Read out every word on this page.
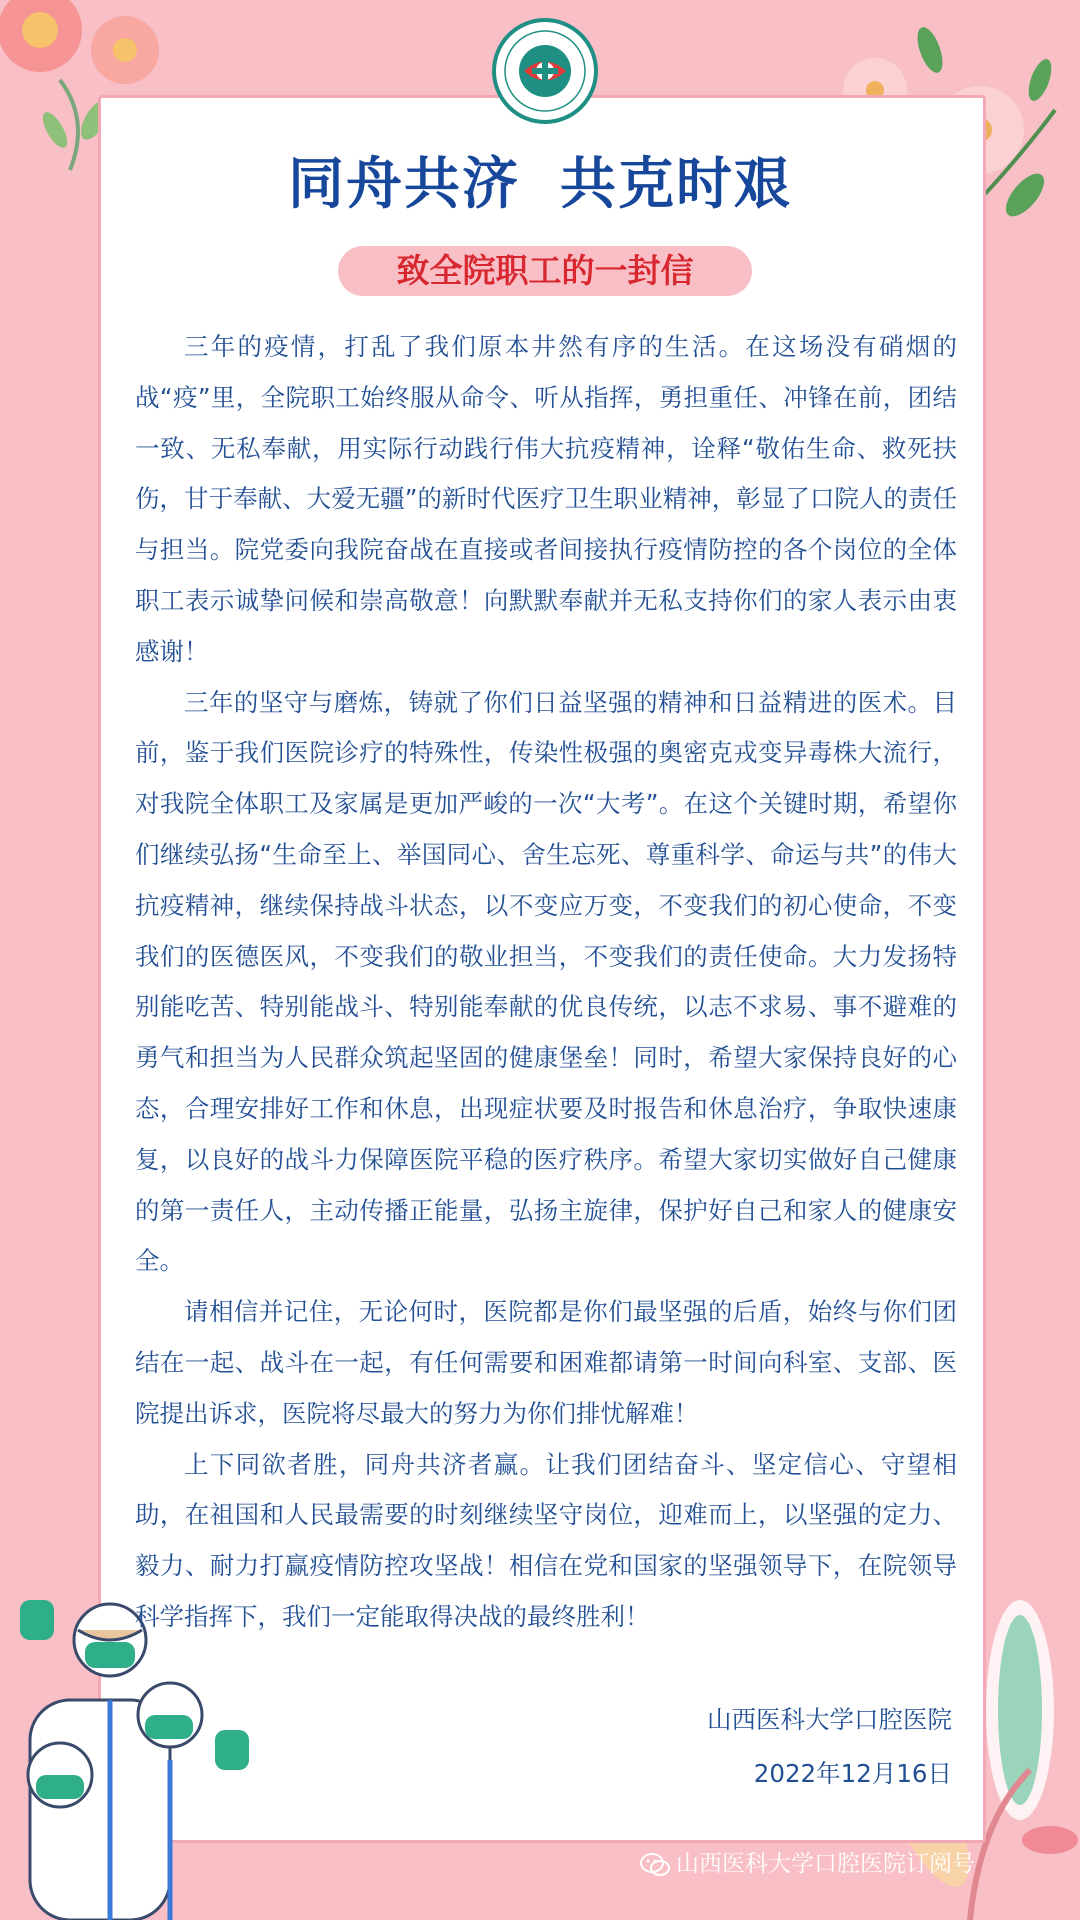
同舟共济 共克时艰
致全院职工的一封信

三年的疫情，打乱了我们原本井然有序的生活。在这场没有硝烟的战“疫”里，全院职工始终服从命令、听从指挥，勇担重任、冲锋在前，团结一致、无私奉献，用实际行动践行伟大抗疫精神，诠释“敬佑生命、救死扶伤，甘于奉献、大爱无疆”的新时代医疗卫生职业精神，彰显了口院人的责任与担当。院党委向我院奋战在直接或者间接执行疫情防控的各个岗位的全体职工表示诚挚问候和崇高敬意！向默默奉献并无私支持你们的家人表示由衷感谢！

三年的坚守与磨炼，铸就了你们日益坚强的精神和日益精进的医术。目前，鉴于我们医院诊疗的特殊性，传染性极强的奥密克戎变异毒株大流行，对我院全体职工及家属是更加严峻的一次“大考”。在这个关键时期，希望你们继续弘扬“生命至上、举国同心、舍生忘死、尊重科学、命运与共”的伟大抗疫精神，继续保持战斗状态，以不变应万变，不变我们的初心使命，不变我们的医德医风，不变我们的敬业担当，不变我们的责任使命。大力发扬特别能吃苦、特别能战斗、特别能奉献的优良传统，以志不求易、事不避难的勇气和担当为人民群众筑起坚固的健康堡垒！同时，希望大家保持良好的心态，合理安排好工作和休息，出现症状要及时报告和休息治疗，争取快速康复，以良好的战斗力保障医院平稳的医疗秩序。希望大家切实做好自己健康的第一责任人，主动传播正能量，弘扬主旋律，保护好自己和家人的健康安全。

请相信并记住，无论何时，医院都是你们最坚强的后盾，始终与你们团结在一起、战斗在一起，有任何需要和困难都请第一时间向科室、支部、医院提出诉求，医院将尽最大的努力为你们排忧解难！

上下同欲者胜，同舟共济者赢。让我们团结奋斗、坚定信心、守望相助，在祖国和人民最需要的时刻继续坚守岗位，迎难而上，以坚强的定力、毅力、耐力打赢疫情防控攻坚战！相信在党和国家的坚强领导下，在院领导科学指挥下，我们一定能取得决战的最终胜利！

山西医科大学口腔医院
2022年12月16日
山西医科大学口腔医院订阅号
